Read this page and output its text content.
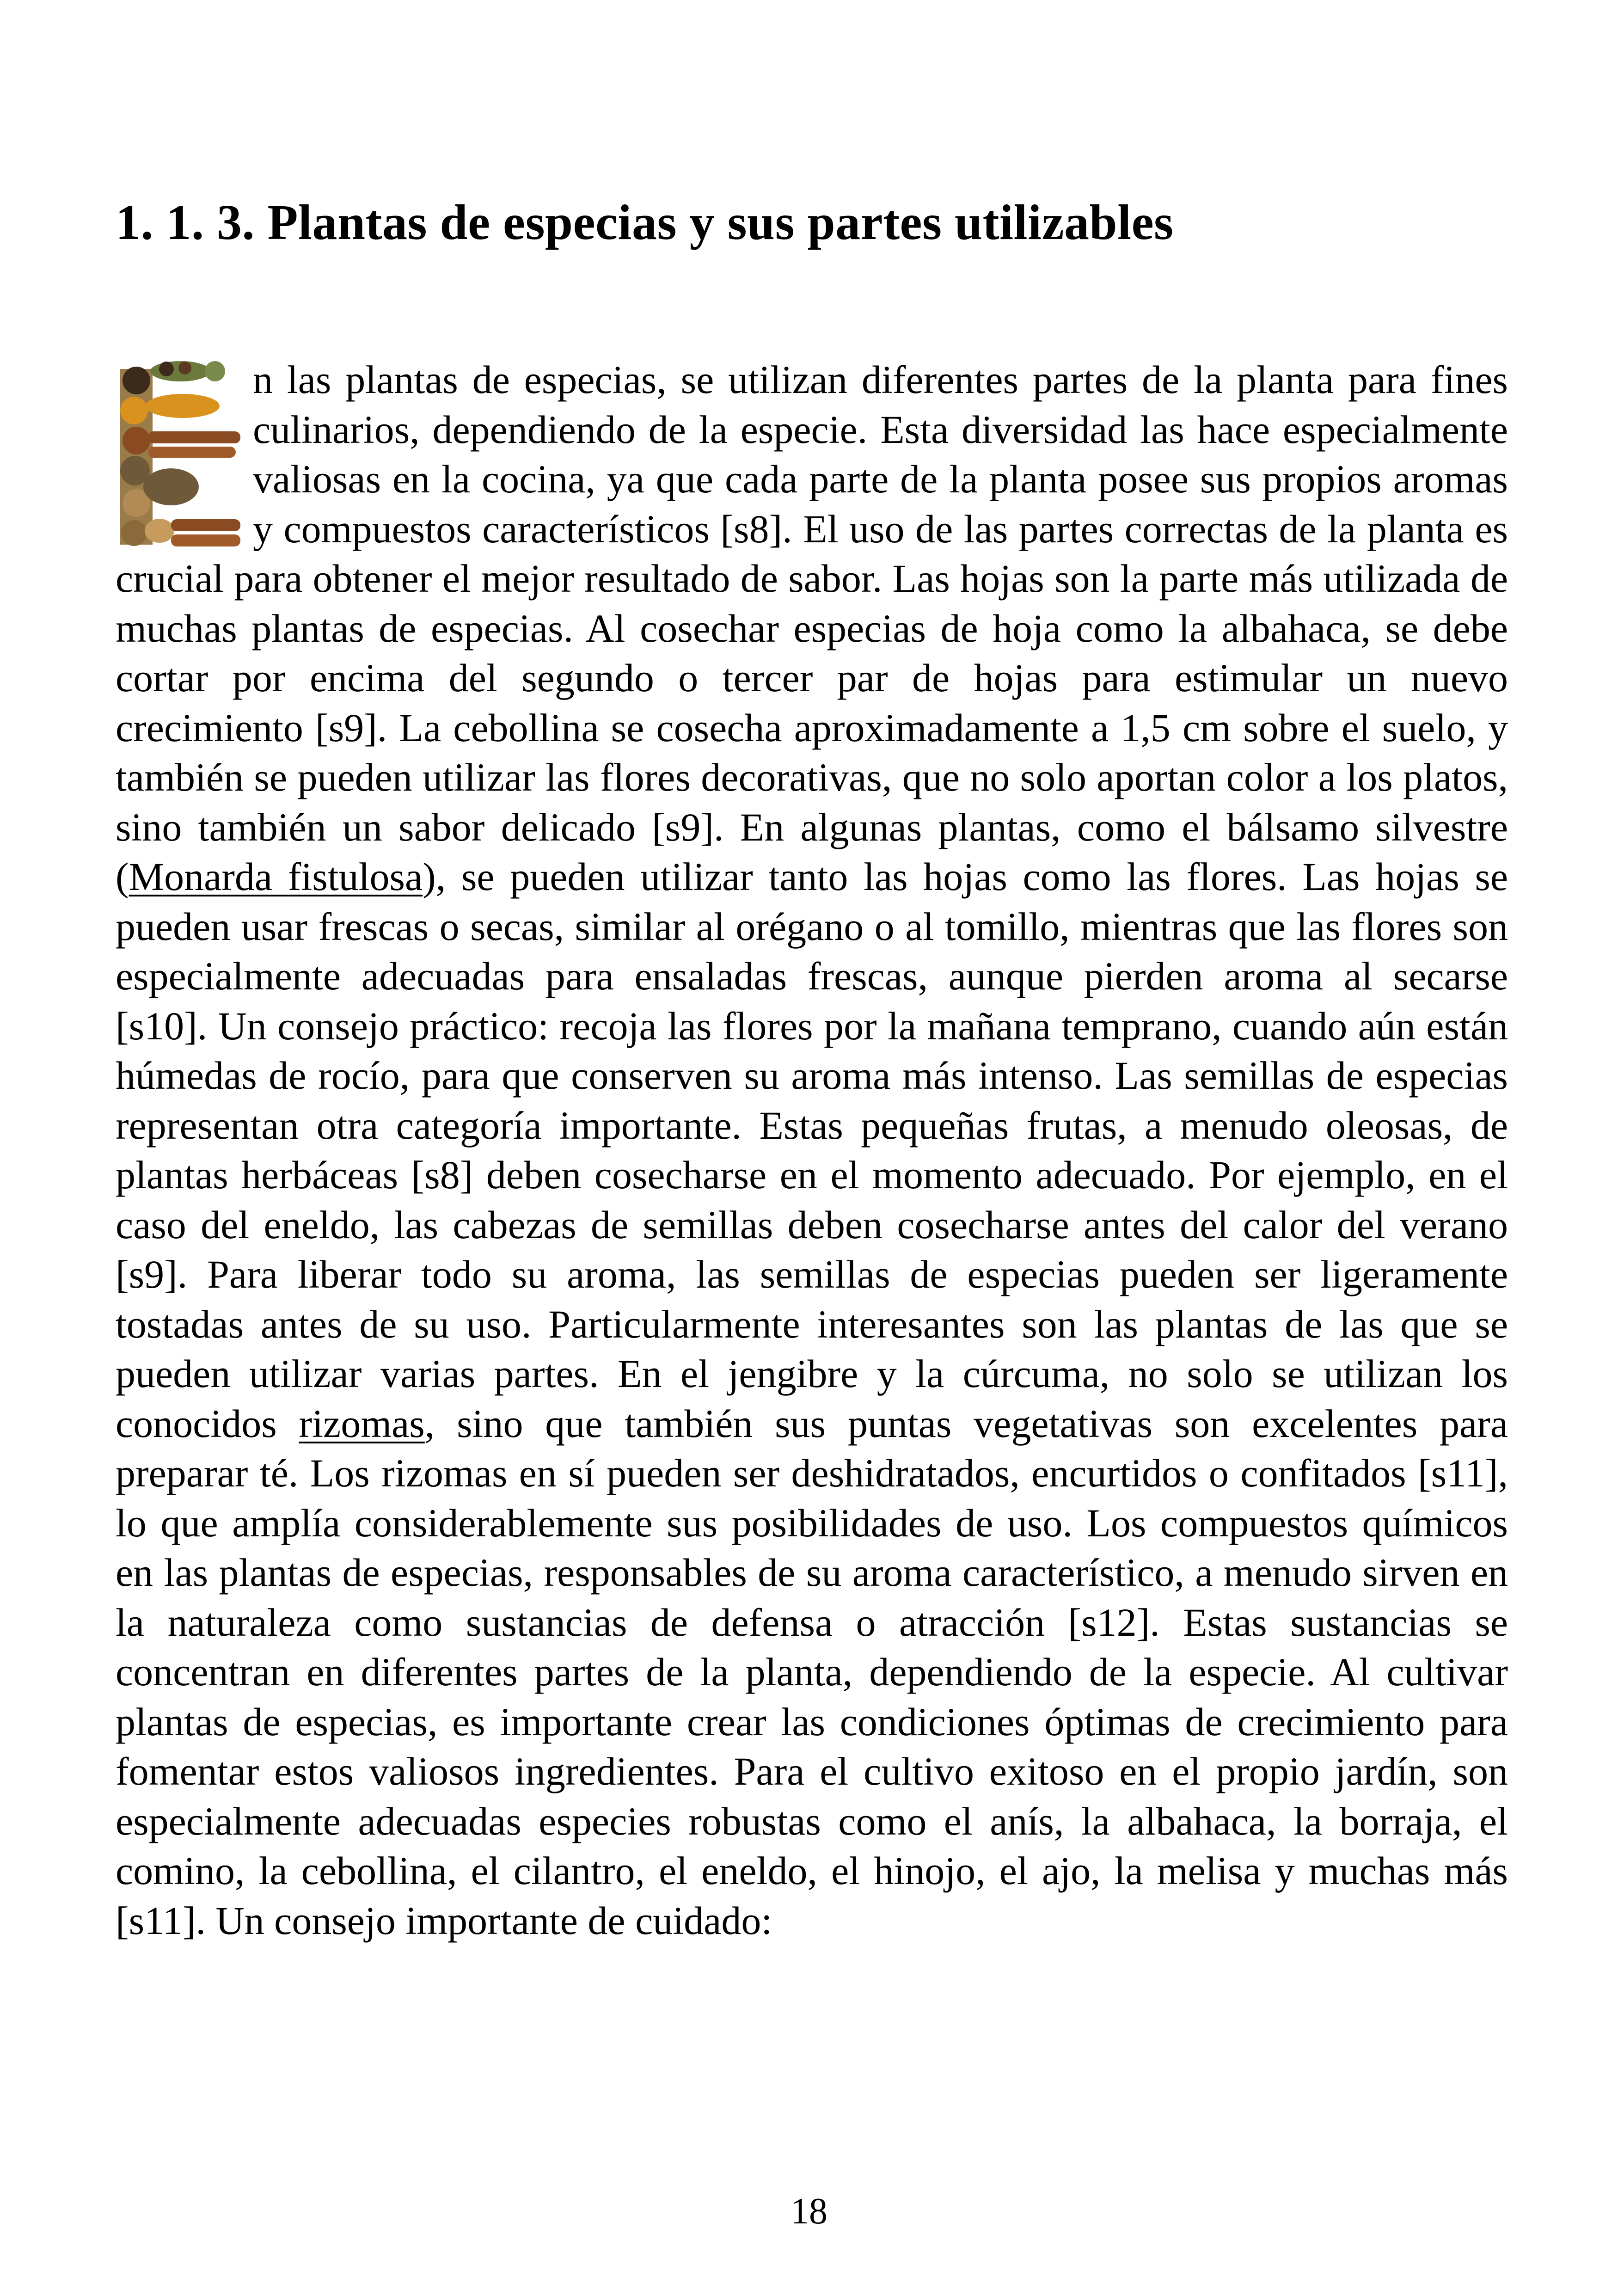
1. 1. 3. Plantas de especias y sus partes utilizables
n las plantas de especias, se utilizan diferentes partes de la planta para fines culinarios, dependiendo de la especie. Esta diversidad las hace especialmente valiosas en la cocina, ya que cada parte de la planta posee sus propios aromas y compuestos característicos [s8]. El uso de las partes correctas de la planta es crucial para obtener el mejor resultado de sabor. Las hojas son la parte más utilizada de muchas plantas de especias. Al cosechar especias de hoja como la albahaca, se debe cortar por encima del segundo o tercer par de hojas para estimular un nuevo crecimiento [s9]. La cebollina se cosecha aproximadamente a 1,5 cm sobre el suelo, y también se pueden utilizar las flores decorativas, que no solo aportan color a los platos, sino también un sabor delicado [s9]. En algunas plantas, como el bálsamo silvestre (Monarda fistulosa), se pueden utilizar tanto las hojas como las flores. Las hojas se pueden usar frescas o secas, similar al orégano o al tomillo, mientras que las flores son especialmente adecuadas para ensaladas frescas, aunque pierden aroma al secarse [s10]. Un consejo práctico: recoja las flores por la mañana temprano, cuando aún están húmedas de rocío, para que conserven su aroma más intenso. Las semillas de especias representan otra categoría importante. Estas pequeñas frutas, a menudo oleosas, de plantas herbáceas [s8] deben cosecharse en el momento adecuado. Por ejemplo, en el caso del eneldo, las cabezas de semillas deben cosecharse antes del calor del verano [s9]. Para liberar todo su aroma, las semillas de especias pueden ser ligeramente tostadas antes de su uso. Particularmente interesantes son las plantas de las que se pueden utilizar varias partes. En el jengibre y la cúrcuma, no solo se utilizan los conocidos rizomas, sino que también sus puntas vegetativas son excelentes para preparar té. Los rizomas en sí pueden ser deshidratados, encurtidos o confitados [s11], lo que amplía considerablemente sus posibilidades de uso. Los compuestos químicos en las plantas de especias, responsables de su aroma característico, a menudo sirven en la naturaleza como sustancias de defensa o atracción [s12]. Estas sustancias se concentran en diferentes partes de la planta, dependiendo de la especie. Al cultivar plantas de especias, es importante crear las condiciones óptimas de crecimiento para fomentar estos valiosos ingredientes. Para el cultivo exitoso en el propio jardín, son especialmente adecuadas especies robustas como el anís, la albahaca, la borraja, el comino, la cebollina, el cilantro, el eneldo, el hinojo, el ajo, la melisa y muchas más [s11]. Un consejo importante de cuidado:
18
